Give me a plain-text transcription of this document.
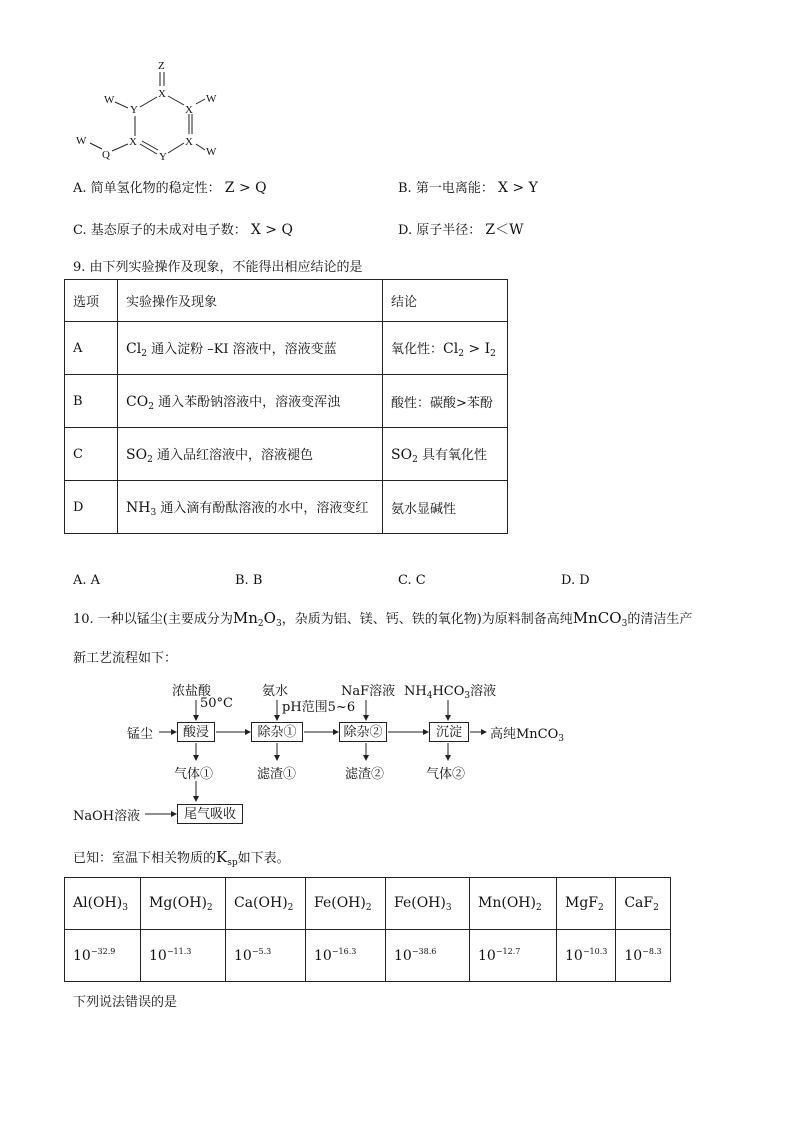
Z
X
W
Y	X
W
X
W
X
Y
W
Q
A. 简单氢化物的稳定性： Z > Q	B. 第一电离能： X > Y
C. 基态原子的未成对电子数： X > Q	D. 原子半径： Z＜W
9. 由下列实验操作及现象，不能得出相应结论的是
选项	实验操作及现象	结论
A	$Cl_2$ 通入淀粉 –KI 溶液中，溶液变蓝	氧化性：$Cl_2 > I_2$
B	$CO_2$ 通入苯酚钠溶液中，溶液变浑浊	酸性：碳酸>苯酚
C	$SO_2$ 通入品红溶液中，溶液褪色	$SO_2$ 具有氧化性
D	$NH_3$ 通入滴有酚酞溶液的水中，溶液变红	氨水显碱性
A. A	B. B	C. C	D. D
10. 一种以锰尘(主要成分为$Mn_2O_3$，杂质为铝、镁、钙、铁的氧化物)为原料制备高纯MnCO$_3$的清洁生产
新工艺流程如下：
锰尘
浓盐酸
50°C
氨水
pH范围5~6
NaF溶液 $NH_4HCO_3$溶液
酸浸	除杂①	除杂②	沉淀	高纯MnCO$_3$
气体①	滤渣①	滤渣②	气体②
NaOH溶液	尾气吸收
已知：室温下相关物质的$K_{sp}$如下表。
$Al(OH)_3$	$Mg(OH)_2$	$Ca(OH)_2$	$Fe(OH)_2$	$Fe(OH)_3$	$Mn(OH)_2$	MgF$_2$	CaF$_2$
$10^{-32.9}$	$10^{-11.3}$	$10^{-5.3}$	$10^{-16.3}$	$10^{-38.6}$	$10^{-12.7}$	$10^{-10.3}$	$10^{-8.3}$
下列说法错误的是
